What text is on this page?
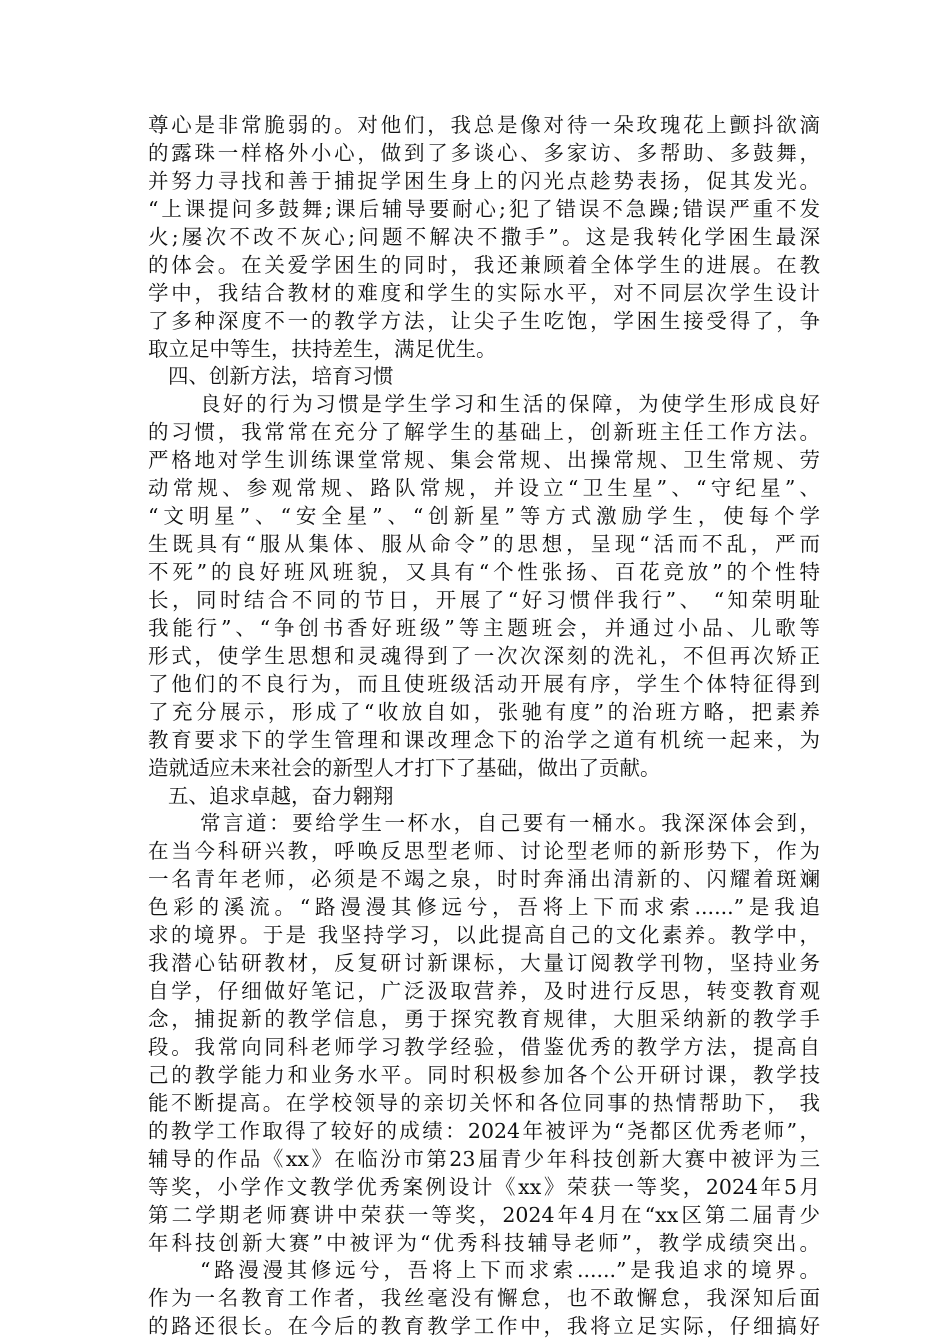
尊心是非常脆弱的。对他们，我总是像对待一朵玫瑰花上颤抖欲滴
的露珠一样格外小心，做到了多谈心、多家访、多帮助、多鼓舞，
并努力寻找和善于捕捉学困生身上的闪光点趁势表扬，促其发光。
“上课提问多鼓舞;课后辅导要耐心;犯了错误不急躁;错误严重不发
火;屡次不改不灰心;问题不解决不撒手”。这是我转化学困生最深
的体会。在关爱学困生的同时，我还兼顾着全体学生的进展。在教
学中，我结合教材的难度和学生的实际水平，对不同层次学生设计
了多种深度不一的教学方法，让尖子生吃饱，学困生接受得了，争
取立足中等生，扶持差生，满足优生。
四、创新方法，培育习惯
良好的行为习惯是学生学习和生活的保障，为使学生形成良好
的习惯，我常常在充分了解学生的基础上，创新班主任工作方法。
严格地对学生训练课堂常规、集会常规、出操常规、卫生常规、劳
动常规、参观常规、路队常规，并设立“卫生星”、“守纪星”、
“文明星”、“安全星”、“创新星”等方式激励学生，使每个学
生既具有“服从集体、服从命令”的思想，呈现“活而不乱，严而
不死”的良好班风班貌，又具有“个性张扬、百花竞放”的个性特
长，同时结合不同的节日，开展了“好习惯伴我行”、 “知荣明耻
我能行”、“争创书香好班级”等主题班会，并通过小品、儿歌等
形式，使学生思想和灵魂得到了一次次深刻的洗礼，不但再次矫正
了他们的不良行为，而且使班级活动开展有序，学生个体特征得到
了充分展示，形成了“收放自如，张驰有度”的治班方略，把素养
教育要求下的学生管理和课改理念下的治学之道有机统一起来，为
造就适应未来社会的新型人才打下了基础，做出了贡献。
五、追求卓越，奋力翱翔
常言道：要给学生一杯水，自己要有一桶水。我深深体会到，
在当今科研兴教，呼唤反思型老师、讨论型老师的新形势下，作为
一名青年老师，必须是不竭之泉，时时奔涌出清新的、闪耀着斑斓
色彩的溪流。“路漫漫其修远兮，吾将上下而求索......”是我追
求的境界。于是 我坚持学习，以此提高自己的文化素养。教学中，
我潜心钻研教材，反复研讨新课标，大量订阅教学刊物，坚持业务
自学，仔细做好笔记，广泛汲取营养，及时进行反思，转变教育观
念，捕捉新的教学信息，勇于探究教育规律，大胆采纳新的教学手
段。我常向同科老师学习教学经验，借鉴优秀的教学方法，提高自
己的教学能力和业务水平。同时积极参加各个公开研讨课，教学技
能不断提高。在学校领导的亲切关怀和各位同事的热情帮助下， 我
的教学工作取得了较好的成绩：2024年被评为“尧都区优秀老师”，
辅导的作品《xx》在临汾市第23届青少年科技创新大赛中被评为三
等奖，小学作文教学优秀案例设计《xx》荣获一等奖，2024年5月
第二学期老师赛讲中荣获一等奖，2024年4月在“xx区第二届青少
年科技创新大赛”中被评为“优秀科技辅导老师”，教学成绩突出。
“路漫漫其修远兮，吾将上下而求索......”是我追求的境界。
作为一名教育工作者，我丝毫没有懈怠，也不敢懈怠，我深知后面
的路还很长。在今后的教育教学工作中，我将立足实际，仔细搞好
